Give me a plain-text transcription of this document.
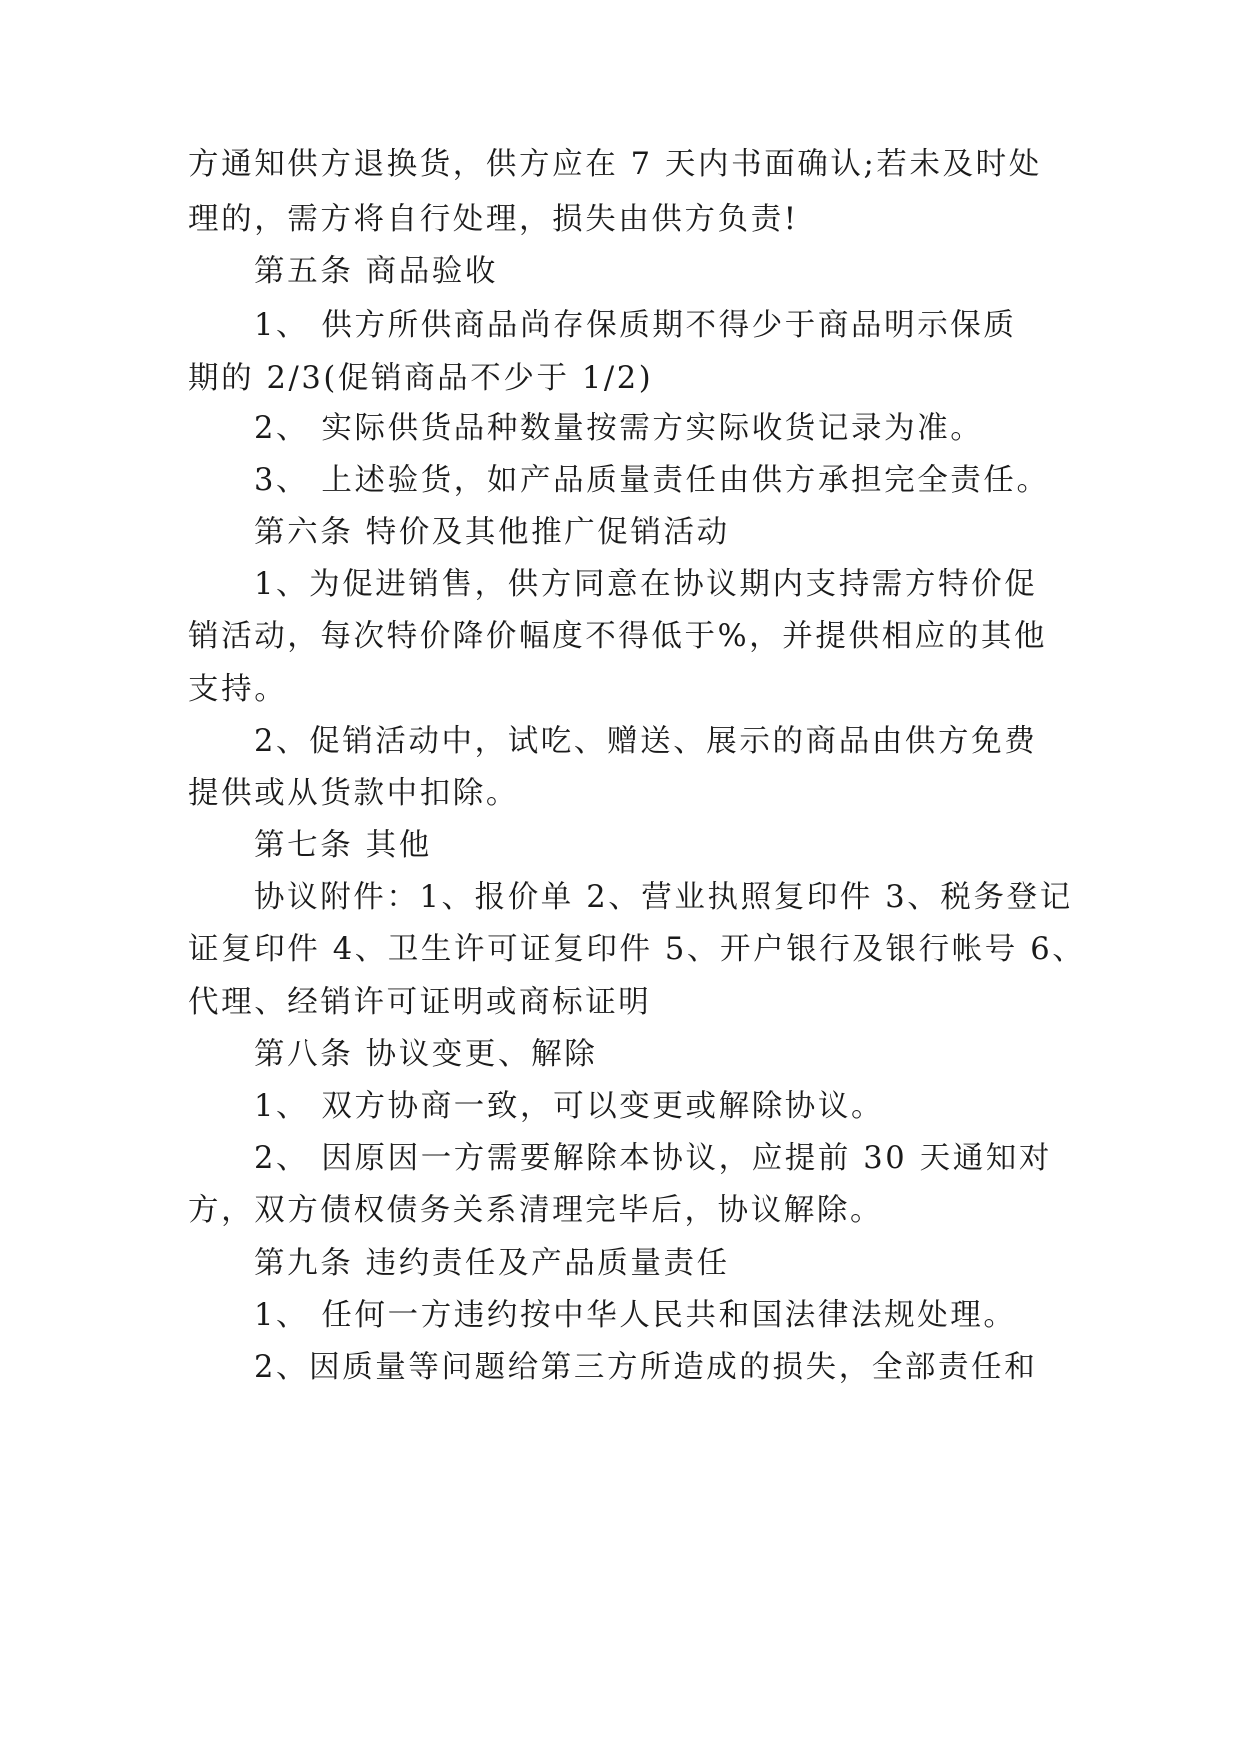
方通知供方退换货，供方应在 7 天内书面确认;若未及时处
理的，需方将自行处理，损失由供方负责!
第五条 商品验收
1、 供方所供商品尚存保质期不得少于商品明示保质
期的 2/3(促销商品不少于 1/2)
2、 实际供货品种数量按需方实际收货记录为准。
3、 上述验货，如产品质量责任由供方承担完全责任。
第六条 特价及其他推广促销活动
1、为促进销售，供方同意在协议期内支持需方特价促
销活动，每次特价降价幅度不得低于%，并提供相应的其他
支持。
2、促销活动中，试吃、赠送、展示的商品由供方免费
提供或从货款中扣除。
第七条 其他
协议附件：1、报价单 2、营业执照复印件 3、税务登记
证复印件 4、卫生许可证复印件 5、开户银行及银行帐号 6、
代理、经销许可证明或商标证明
第八条 协议变更、解除
1、 双方协商一致，可以变更或解除协议。
2、 因原因一方需要解除本协议，应提前 30 天通知对
方，双方债权债务关系清理完毕后，协议解除。
第九条 违约责任及产品质量责任
1、 任何一方违约按中华人民共和国法律法规处理。
2、因质量等问题给第三方所造成的损失，全部责任和
